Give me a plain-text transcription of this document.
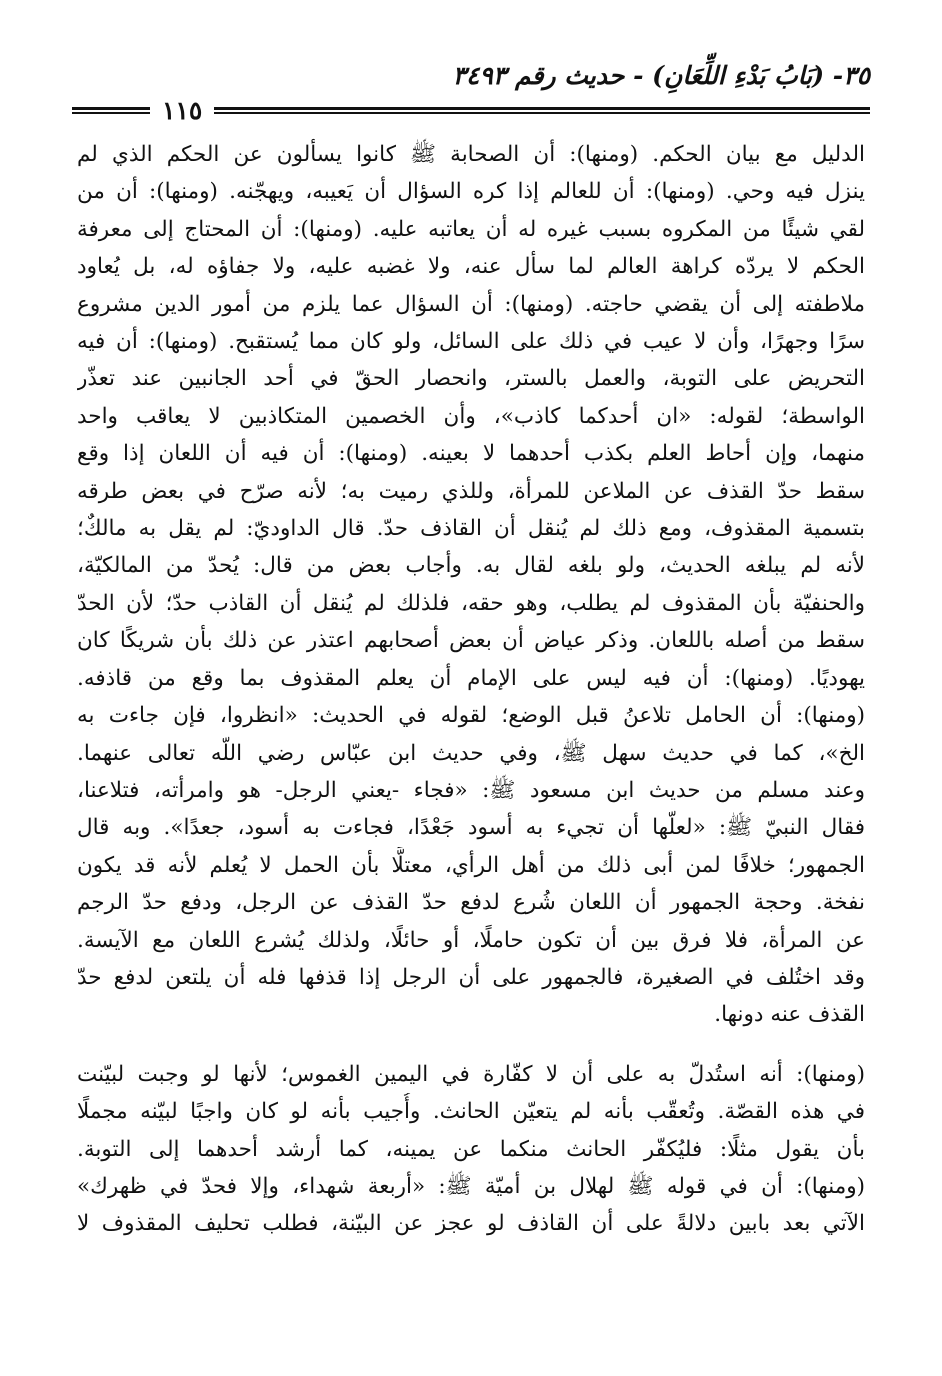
٣٥- (بَابُ بَدْءِ اللِّعَانِ) - حديث رقم ٣٤٩٣
١١٥
الدليل مع بيان الحكم. (ومنها): أن الصحابة ﷺ كانوا يسألون عن الحكم الذي لم
ينزل فيه وحي. (ومنها): أن للعالم إذا كره السؤال أن يَعيبه، ويهجّنه. (ومنها): أن من
لقي شيئًا من المكروه بسبب غيره له أن يعاتبه عليه. (ومنها): أن المحتاج إلى معرفة
الحكم لا يردّه كراهة العالم لما سأل عنه، ولا غضبه عليه، ولا جفاؤه له، بل يُعاود
ملاطفته إلى أن يقضي حاجته. (ومنها): أن السؤال عما يلزم من أمور الدين مشروع
سرًا وجهرًا، وأن لا عيب في ذلك على السائل، ولو كان مما يُستقبح. (ومنها): أن فيه
التحريض على التوبة، والعمل بالستر، وانحصار الحقّ في أحد الجانبين عند تعذّر
الواسطة؛ لقوله: «ان أحدكما كاذب»، وأن الخصمين المتكاذبين لا يعاقب واحد
منهما، وإن أحاط العلم بكذب أحدهما لا بعينه. (ومنها): أن فيه أن اللعان إذا وقع
سقط حدّ القذف عن الملاعن للمرأة، وللذي رميت به؛ لأنه صرّح في بعض طرقه
بتسمية المقذوف، ومع ذلك لم يُنقل أن القاذف حدّ. قال الداوديّ: لم يقل به مالكٌ؛
لأنه لم يبلغه الحديث، ولو بلغه لقال به. وأجاب بعض من قال: يُحدّ من المالكيّة،
والحنفيّة بأن المقذوف لم يطلب، وهو حقه، فلذلك لم يُنقل أن القاذب حدّ؛ لأن الحدّ
سقط من أصله باللعان. وذكر عياض أن بعض أصحابهم اعتذر عن ذلك بأن شريكًا كان
يهوديًا. (ومنها): أن فيه ليس على الإمام أن يعلم المقذوف بما وقع من قاذفه.
(ومنها): أن الحامل تلاعنُ قبل الوضع؛ لقوله في الحديث: «انظروا، فإن جاءت به
الخ»، كما في حديث سهل ﷺ، وفي حديث ابن عبّاس رضي اللّه تعالى عنهما.
وعند مسلم من حديث ابن مسعود ﷺ: «فجاء -يعني الرجل- هو وامرأته، فتلاعنا،
فقال النبيّ ﷺ: «لعلّها أن تجيء به أسود جَعْدًا، فجاءت به أسود، جعدًا». وبه قال
الجمهور؛ خلافًا لمن أبى ذلك من أهل الرأي، معتلًّا بأن الحمل لا يُعلم لأنه قد يكون
نفخة. وحجة الجمهور أن اللعان شُرع لدفع حدّ القذف عن الرجل، ودفع حدّ الرجم
عن المرأة، فلا فرق بين أن تكون حاملًا، أو حائلًا، ولذلك يُشرع اللعان مع الآيسة.
وقد اختُلف في الصغيرة، فالجمهور على أن الرجل إذا قذفها فله أن يلتعن لدفع حدّ
القذف عنه دونها.
(ومنها): أنه استُدلّ به على أن لا كفّارة في اليمين الغموس؛ لأنها لو وجبت لبيّنت
في هذه القصّة. وتُعقّب بأنه لم يتعيّن الحانث. وأُجيب بأنه لو كان واجبًا لبيّنه مجملًا
بأن يقول مثلًا: فليُكفّر الحانث منكما عن يمينه، كما أرشد أحدهما إلى التوبة.
(ومنها): أن في قوله ﷺ لهلال بن أميّة ﷺ: «أربعة شهداء، وإلا فحدّ في ظهرك»
الآتي بعد بابين دلالةً على أن القاذف لو عجز عن البيّنة، فطلب تحليف المقذوف لا
